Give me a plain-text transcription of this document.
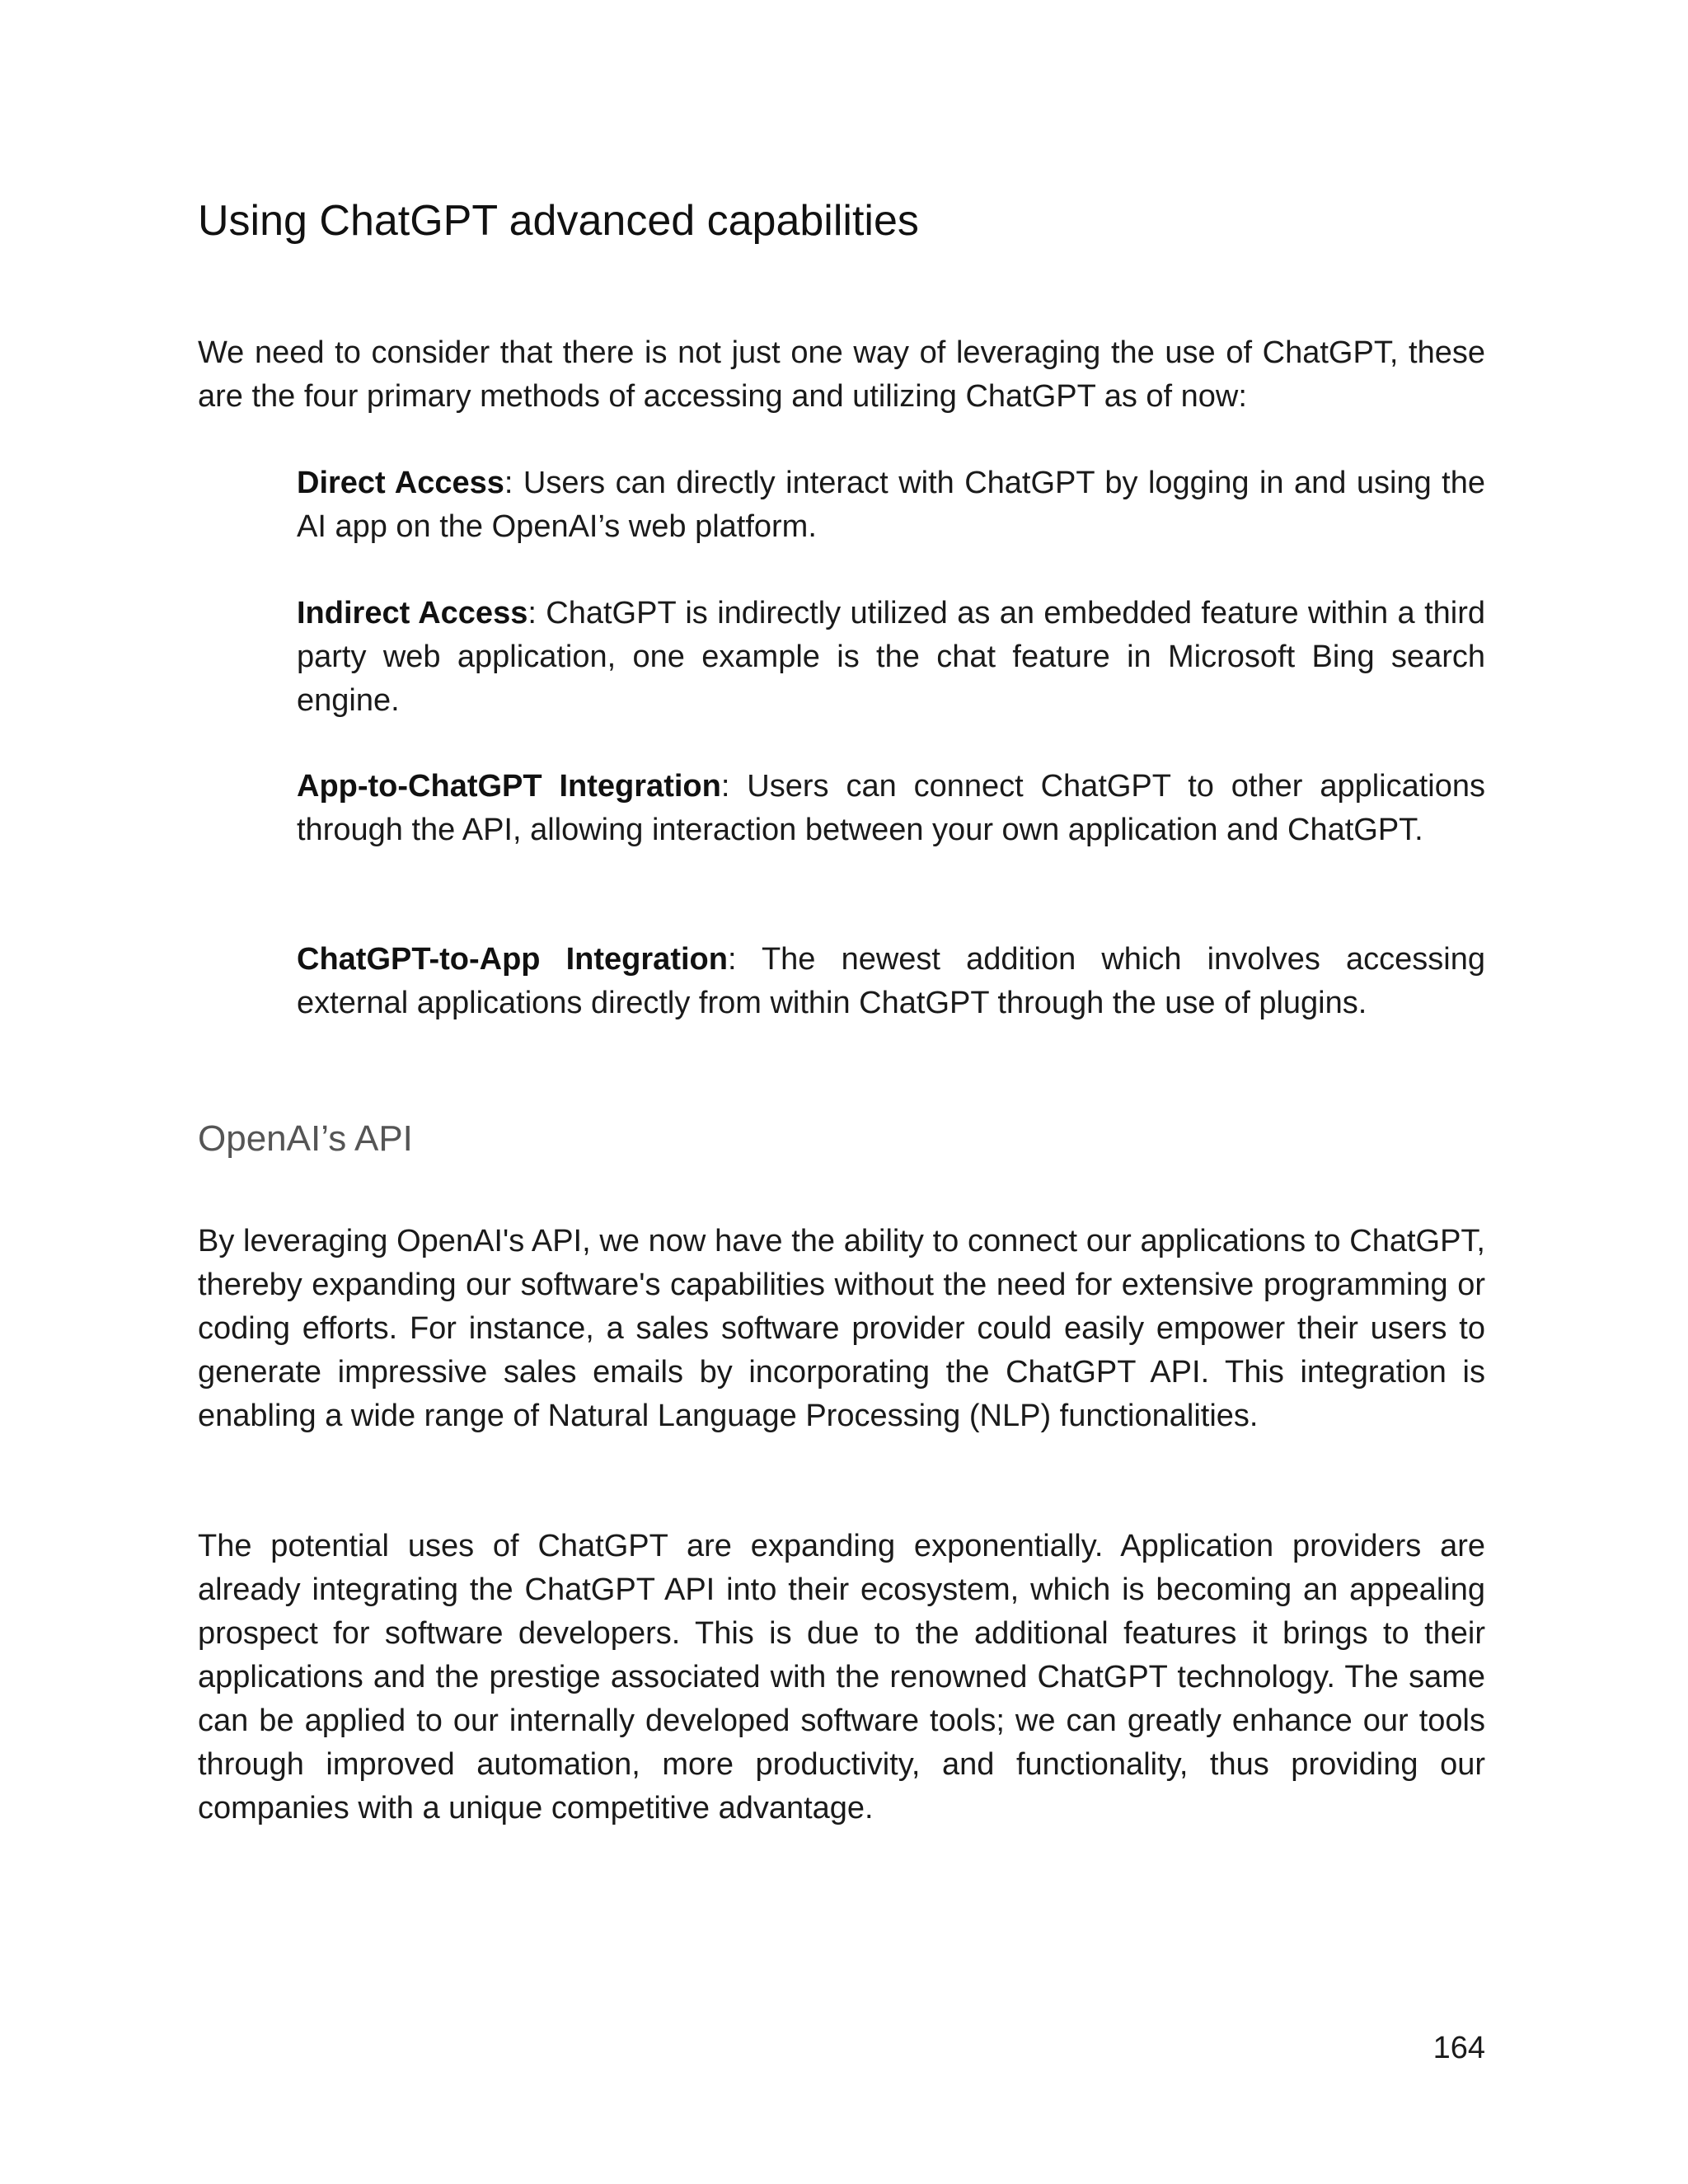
Using ChatGPT advanced capabilities

We need to consider that there is not just one way of leveraging the use of ChatGPT, these are the four primary methods of accessing and utilizing ChatGPT as of now:

Direct Access: Users can directly interact with ChatGPT by logging in and using the AI app on the OpenAI’s web platform.

Indirect Access: ChatGPT is indirectly utilized as an embedded feature within a third party web application, one example is the chat feature in Microsoft Bing search engine.

App-to-ChatGPT Integration: Users can connect ChatGPT to other applications through the API, allowing interaction between your own application and ChatGPT.

ChatGPT-to-App Integration: The newest addition which involves accessing external applications directly from within ChatGPT through the use of plugins.

OpenAI’s API

By leveraging OpenAI's API, we now have the ability to connect our applications to ChatGPT, thereby expanding our software's capabilities without the need for extensive programming or coding efforts. For instance, a sales software provider could easily empower their users to generate impressive sales emails by incorporating the ChatGPT API. This integration is enabling a wide range of Natural Language Processing (NLP) functionalities.

The potential uses of ChatGPT are expanding exponentially. Application providers are already integrating the ChatGPT API into their ecosystem, which is becoming an appealing prospect for software developers. This is due to the additional features it brings to their applications and the prestige associated with the renowned ChatGPT technology. The same can be applied to our internally developed software tools; we can greatly enhance our tools through improved automation, more productivity, and functionality, thus providing our companies with a unique competitive advantage.

164
